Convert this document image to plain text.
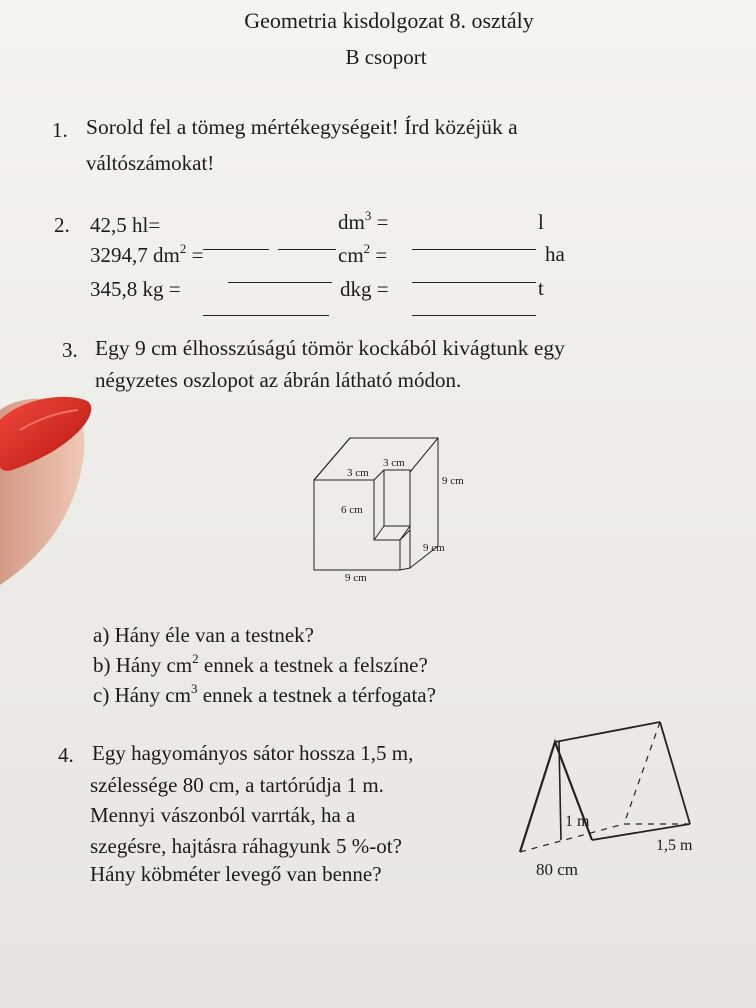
Geometria kisdolgozat 8. osztály
B csoport
1. Sorold fel a tömeg mértékegységeit! Írd közéjük a
váltószámokat!
2. 42,5 hl=	$dm^3$ =	l
3294,7 $dm^2$ =	$cm^2$ =	ha
345,8 kg =	dkg =	t
3. Egy 9 cm élhosszúságú tömör kockából kivágtunk egy
négyzetes oszlopot az ábrán látható módon.
3 cm
3 cm
9 cm
6 cm
9 cm
9 cm
a) Hány éle van a testnek?
b) Hány $cm^2$ ennek a testnek a felszíne?
c) Hány $cm^3$ ennek a testnek a térfogata?
4. Egy hagyományos sátor hossza 1,5 m,
szélessége 80 cm, a tartórúdja 1 m.
Mennyi vászonból varrták, ha a
szegésre, hajtásra ráhagyunk 5 %-ot?
Hány köbméter levegő van benne?
1 m
1,5 m
80 cm
